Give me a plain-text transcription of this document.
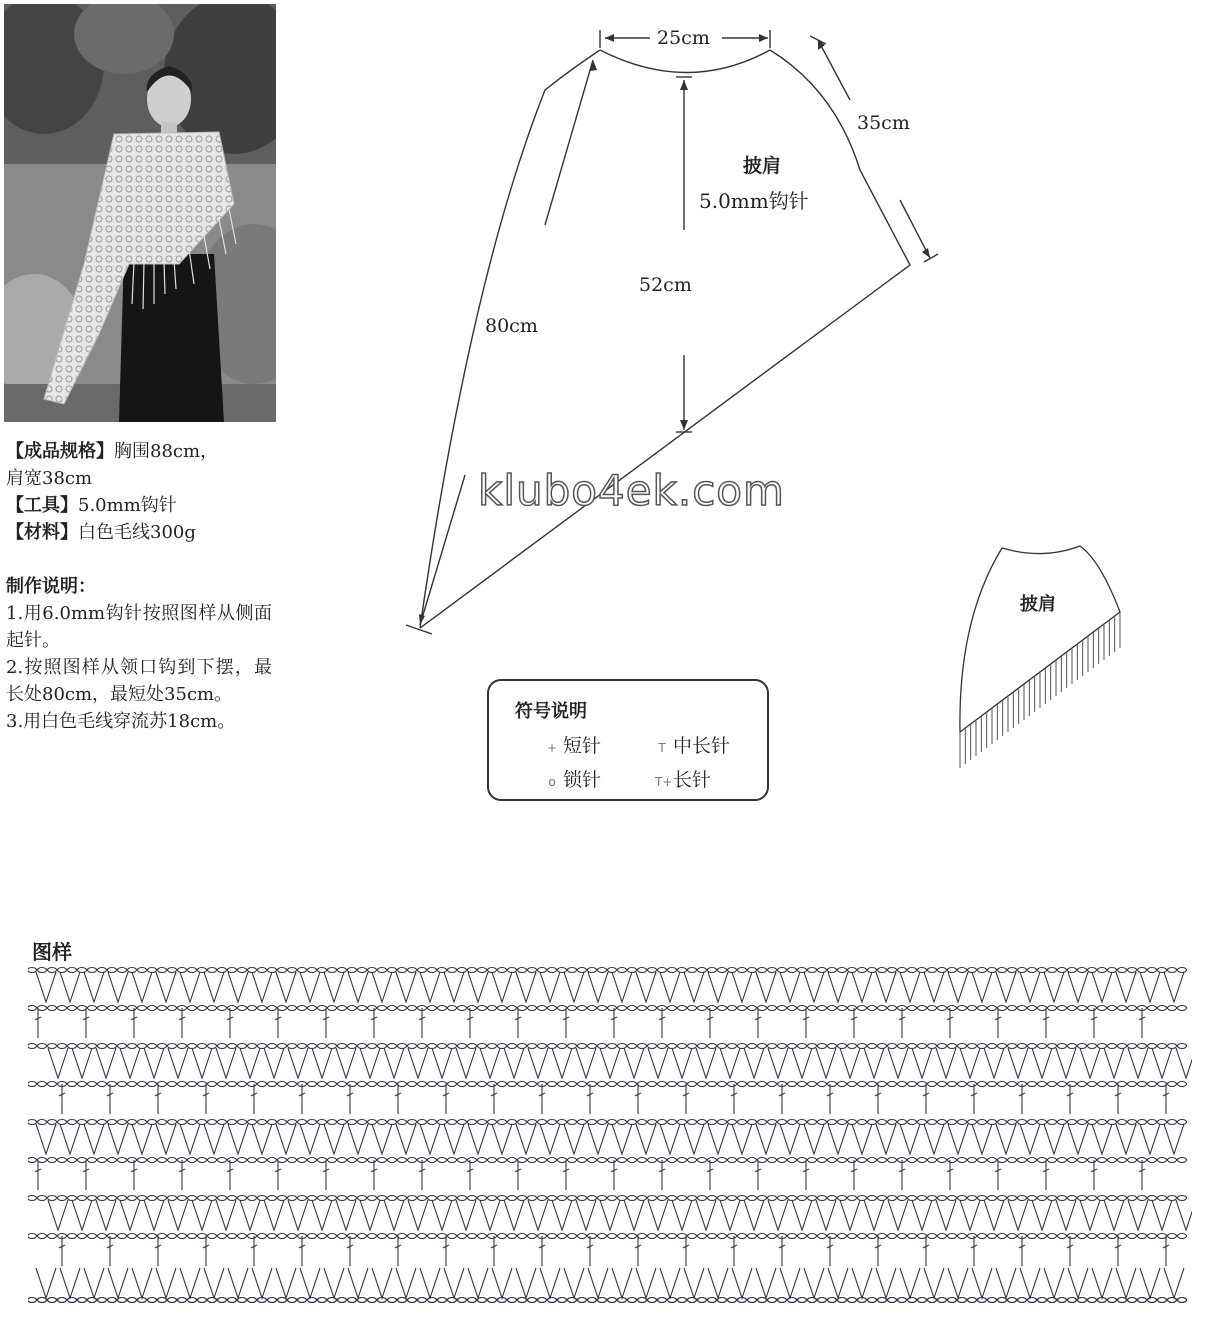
【成品规格】胸围88cm，
肩宽38cm
【工具】5.0mm钩针
【材料】白色毛线300g
制作说明：

1.用6.0mm钩针按照图样从侧面起针。

2.按照图样从领口钩到下摆，最长处80cm，最短处35cm。

3.用白色毛线穿流苏18cm。

25cm
35cm
52cm
80cm
5.0mm钩针
披肩
披肩
符号说明
+ 短针	T 中长针
o 锁针	T+长针
klubo4ek.com
图样
